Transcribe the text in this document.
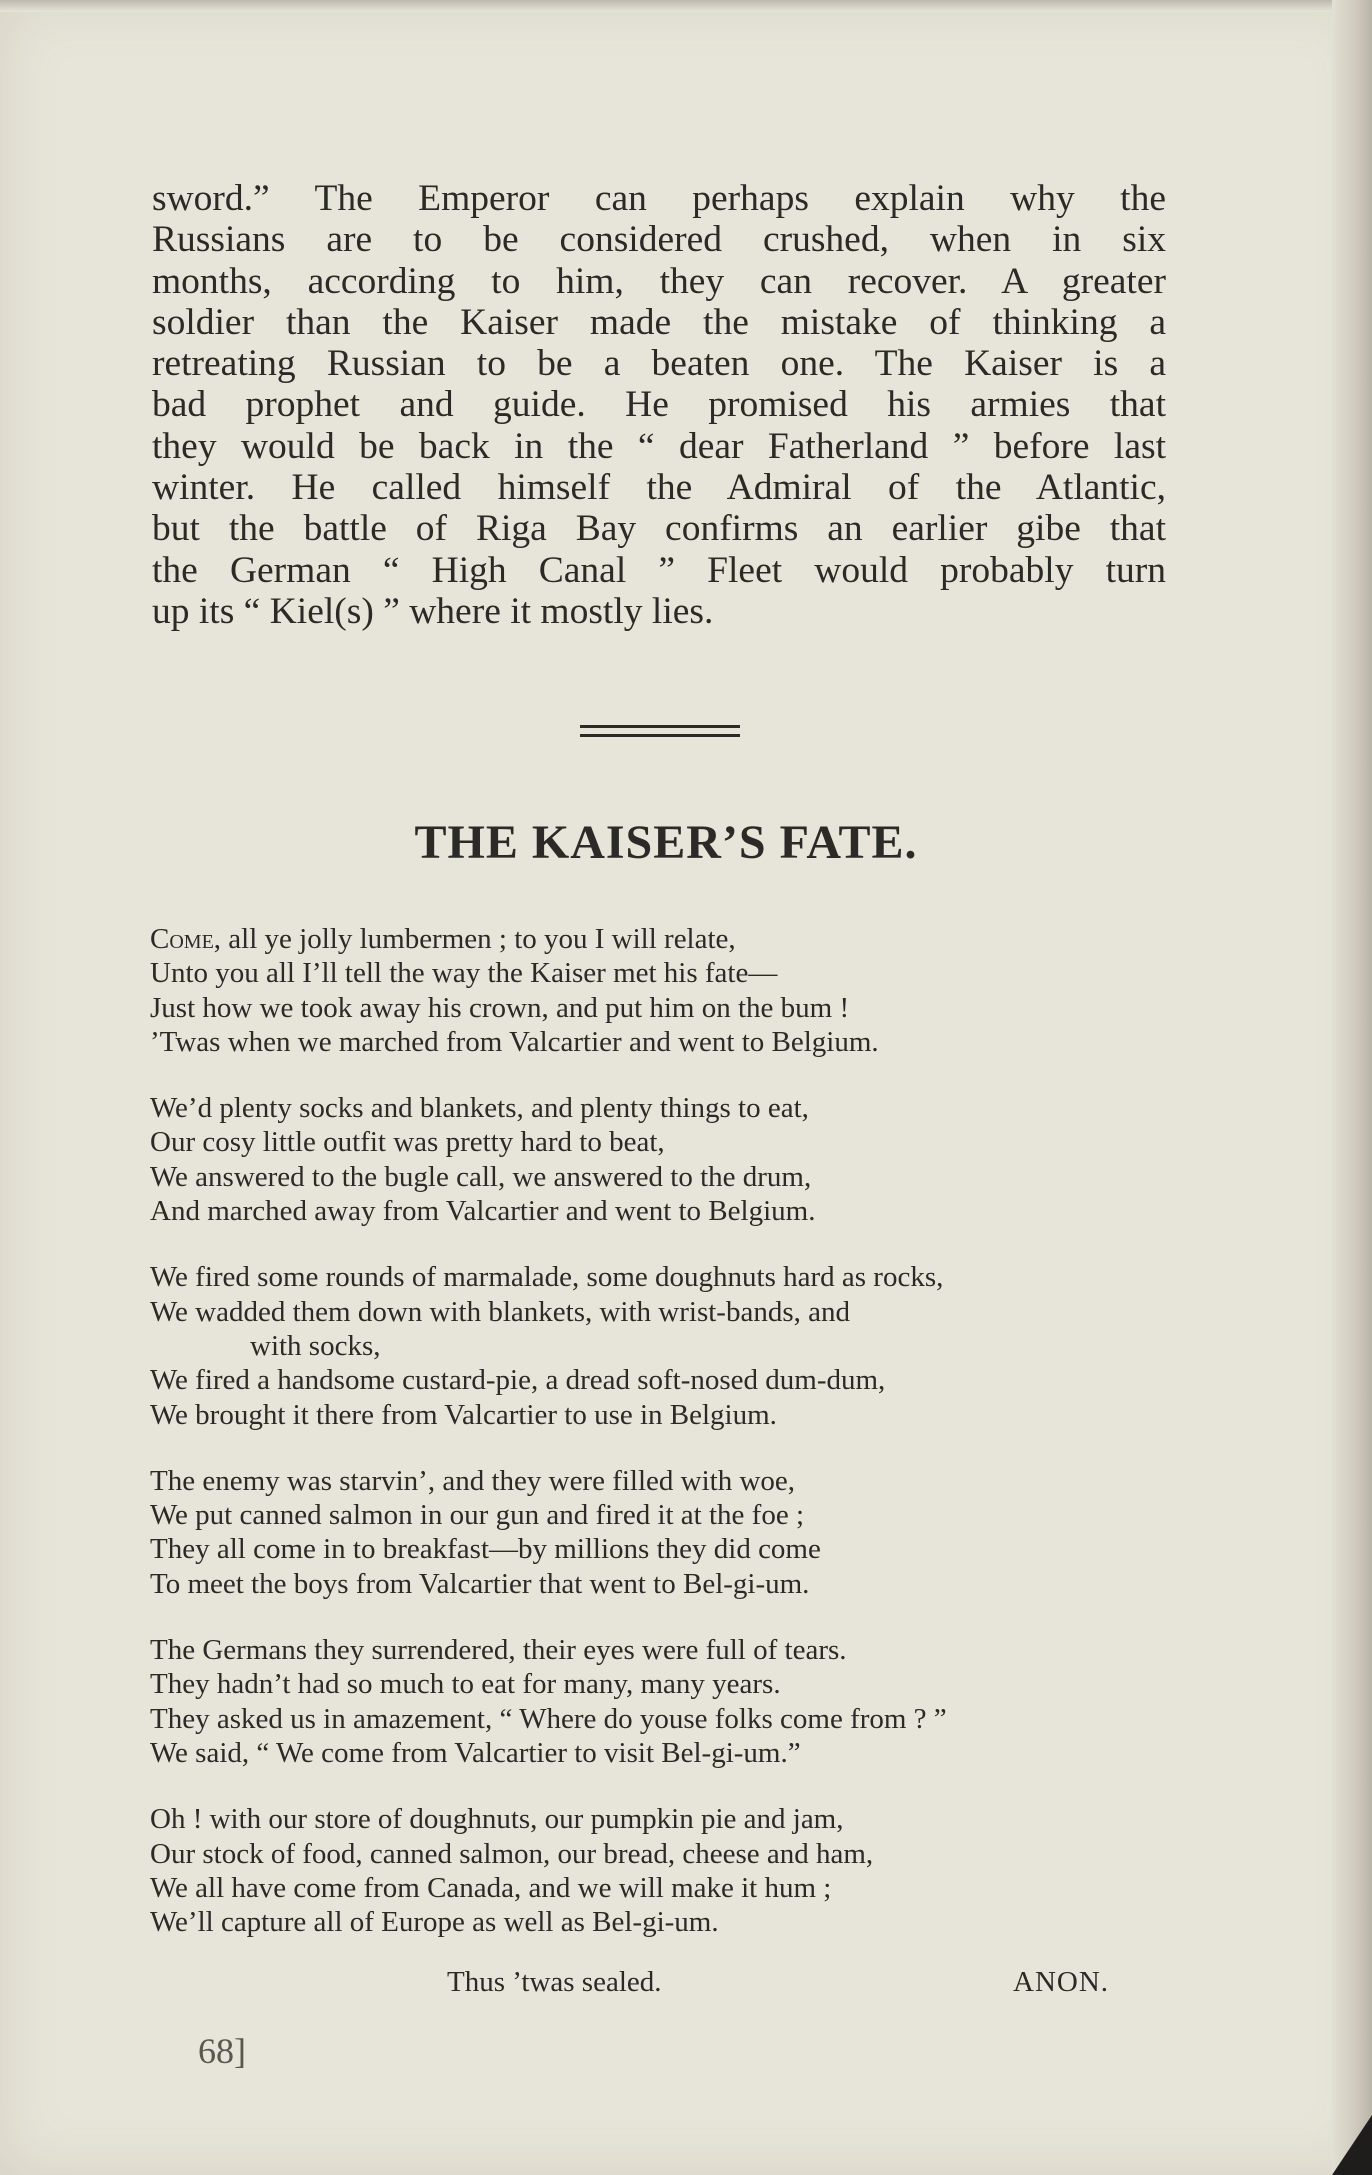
sword.” The Emperor can perhaps explain why the
Russians are to be considered crushed, when in six
months, according to him, they can recover. A greater
soldier than the Kaiser made the mistake of thinking a
retreating Russian to be a beaten one. The Kaiser is a
bad prophet and guide. He promised his armies that
they would be back in the “ dear Fatherland ” before last
winter. He called himself the Admiral of the Atlantic,
but the battle of Riga Bay confirms an earlier gibe that
the German “ High Canal ” Fleet would probably turn
up its “ Kiel(s) ” where it mostly lies.
THE KAISER’S FATE.

Come, all ye jolly lumbermen ; to you I will relate,
Unto you all I’ll tell the way the Kaiser met his fate—
Just how we took away his crown, and put him on the bum !
’Twas when we marched from Valcartier and went to Belgium.

We’d plenty socks and blankets, and plenty things to eat,
Our cosy little outfit was pretty hard to beat,
We answered to the bugle call, we answered to the drum,
And marched away from Valcartier and went to Belgium.

We fired some rounds of marmalade, some doughnuts hard as rocks,
We wadded them down with blankets, with wrist-bands, and
with socks,
We fired a handsome custard-pie, a dread soft-nosed dum-dum,
We brought it there from Valcartier to use in Belgium.

The enemy was starvin’, and they were filled with woe,
We put canned salmon in our gun and fired it at the foe ;
They all come in to breakfast—by millions they did come
To meet the boys from Valcartier that went to Bel-gi-um.

The Germans they surrendered, their eyes were full of tears.
They hadn’t had so much to eat for many, many years.
They asked us in amazement, “ Where do youse folks come from ? ”
We said, “ We come from Valcartier to visit Bel-gi-um.”

Oh ! with our store of doughnuts, our pumpkin pie and jam,
Our stock of food, canned salmon, our bread, cheese and ham,
We all have come from Canada, and we will make it hum ;
We’ll capture all of Europe as well as Bel-gi-um.

Thus ’twas sealed.	ANON.
68]
